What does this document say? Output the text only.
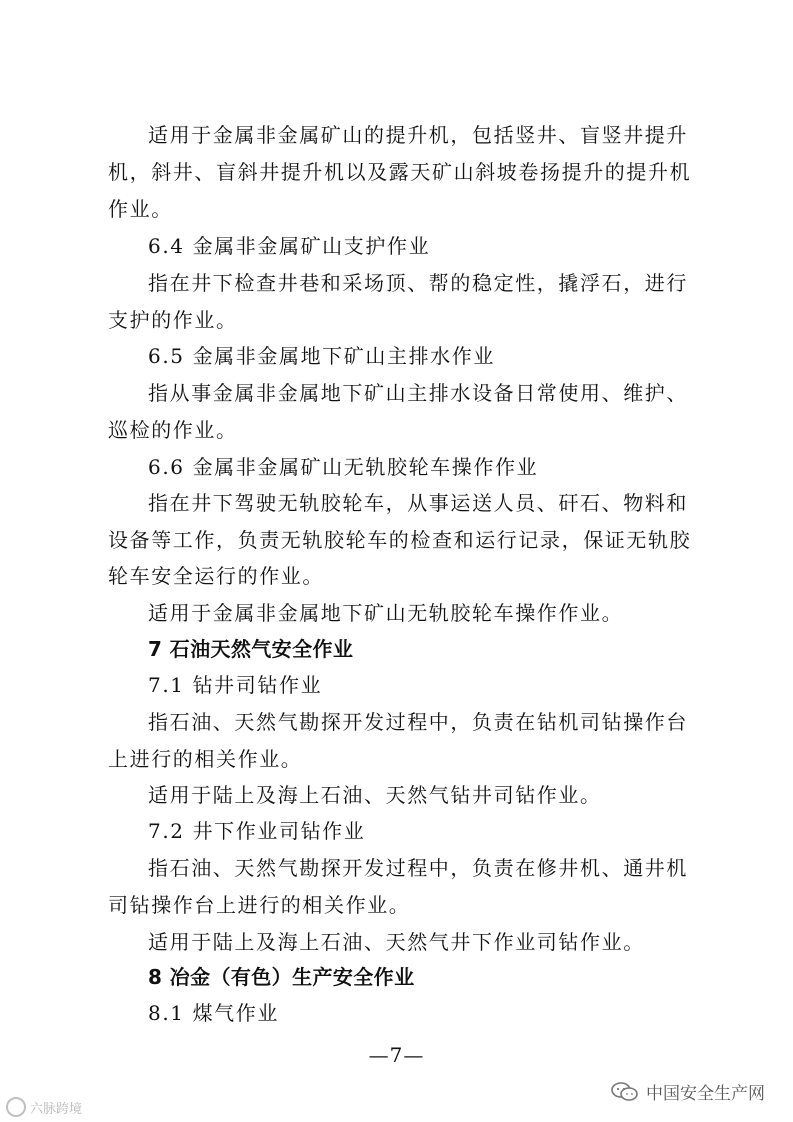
适用于金属非金属矿山的提升机，包括竖井、盲竖井提升
机，斜井、盲斜井提升机以及露天矿山斜坡卷扬提升的提升机
作业。
6.4 金属非金属矿山支护作业
指在井下检查井巷和采场顶、帮的稳定性，撬浮石，进行
支护的作业。
6.5 金属非金属地下矿山主排水作业
指从事金属非金属地下矿山主排水设备日常使用、维护、
巡检的作业。
6.6 金属非金属矿山无轨胶轮车操作作业
指在井下驾驶无轨胶轮车，从事运送人员、矸石、物料和
设备等工作，负责无轨胶轮车的检查和运行记录，保证无轨胶
轮车安全运行的作业。
适用于金属非金属地下矿山无轨胶轮车操作作业。
7 石油天然气安全作业
7.1 钻井司钻作业
指石油、天然气勘探开发过程中，负责在钻机司钻操作台
上进行的相关作业。
适用于陆上及海上石油、天然气钻井司钻作业。
7.2 井下作业司钻作业
指石油、天然气勘探开发过程中，负责在修井机、通井机
司钻操作台上进行的相关作业。
适用于陆上及海上石油、天然气井下作业司钻作业。
8 冶金（有色）生产安全作业
8.1 煤气作业
—7—
中国安全生产网
六脉跨境
